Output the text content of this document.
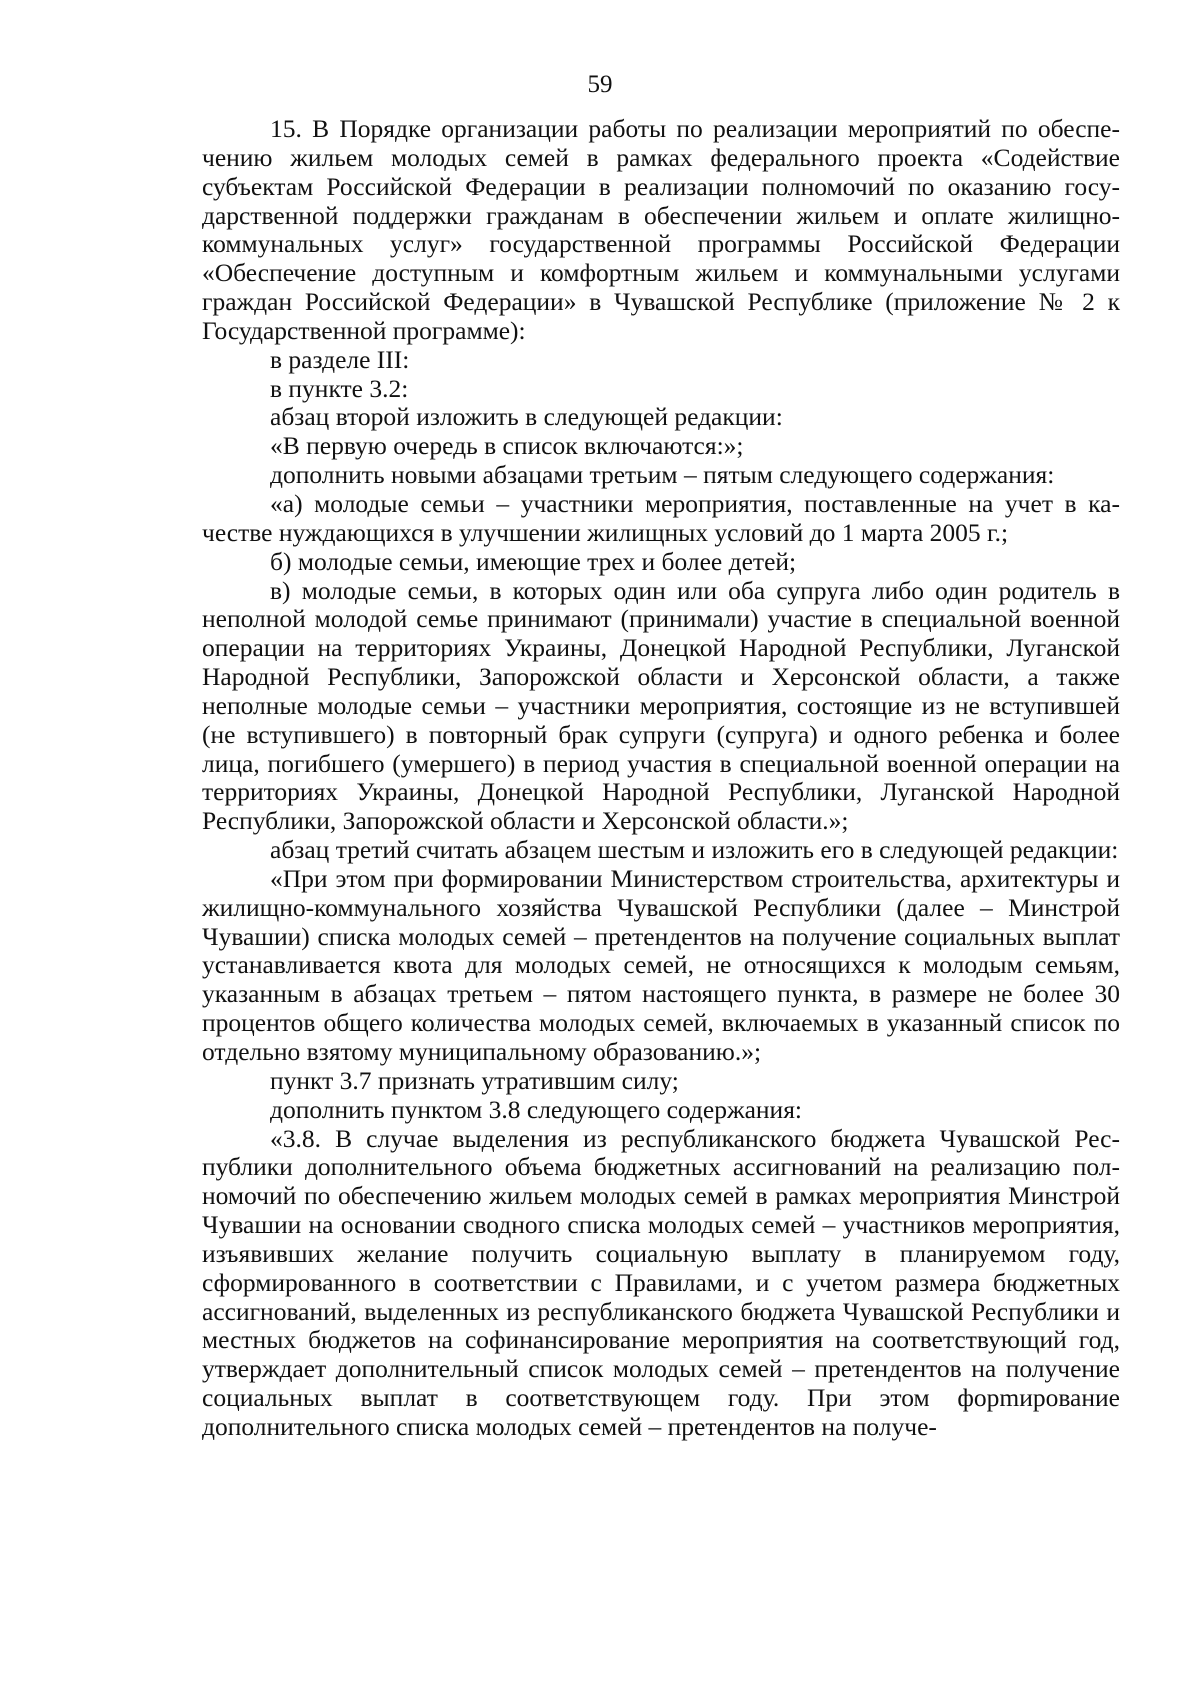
59

15. В Порядке организации работы по реализации мероприятий по обеспечению жильем молодых семей в рамках федерального проекта «Содействие субъектам Российской Федерации в реализации полномочий по оказанию государственной поддержки гражданам в обеспечении жильем и оплате жилищно-коммунальных услуг» государственной программы Российской Федерации «Обеспечение доступным и комфортным жильем и коммунальными услугами граждан Российской Федерации» в Чувашской Республике (приложение № 2 к Государственной программе):

в разделе III:

в пункте 3.2:

абзац второй изложить в следующей редакции:

«В первую очередь в список включаются:»;

дополнить новыми абзацами третьим – пятым следующего содержания:

«а) молодые семьи – участники мероприятия, поставленные на учет в качестве нуждающихся в улучшении жилищных условий до 1 марта 2005 г.;

б) молодые семьи, имеющие трех и более детей;

в) молодые семьи, в которых один или оба супруга либо один родитель в неполной молодой семье принимают (принимали) участие в специальной военной операции на территориях Украины, Донецкой Народной Республики, Луганской Народной Республики, Запорожской области и Херсонской области, а также неполные молодые семьи – участники мероприятия, состоящие из не вступившей (не вступившего) в повторный брак супруги (супруга) и одного ребенка и более лица, погибшего (умершего) в период участия в специальной военной операции на территориях Украины, Донецкой Народной Республики, Луганской Народной Республики, Запорожской области и Херсонской области.»;

абзац третий считать абзацем шестым и изложить его в следующей редакции:

«При этом при формировании Министерством строительства, архитектуры и жилищно-коммунального хозяйства Чувашской Республики (далее – Минстрой Чувашии) списка молодых семей – претендентов на получение социальных выплат устанавливается квота для молодых семей, не относящихся к молодым семьям, указанным в абзацах третьем – пятом настоящего пункта, в размере не более 30 процентов общего количества молодых семей, включаемых в указанный список по отдельно взятому муниципальному образованию.»;

пункт 3.7 признать утратившим силу;

дополнить пунктом 3.8 следующего содержания:

«3.8. В случае выделения из республиканского бюджета Чувашской Республики дополнительного объема бюджетных ассигнований на реализацию полномочий по обеспечению жильем молодых семей в рамках мероприятия Минстрой Чувашии на основании сводного списка молодых семей – участников мероприятия, изъявивших желание получить социальную выплату в планируемом году, сформированного в соответствии с Правилами, и с учетом размера бюджетных ассигнований, выделенных из республиканского бюджета Чувашской Республики и местных бюджетов на софинансирование мероприятия на соответствующий год, утверждает дополнительный список молодых семей – претендентов на получение социальных выплат в соответствующем году. При этом форmирование дополнительного списка молодых семей – претендентов на получе-
